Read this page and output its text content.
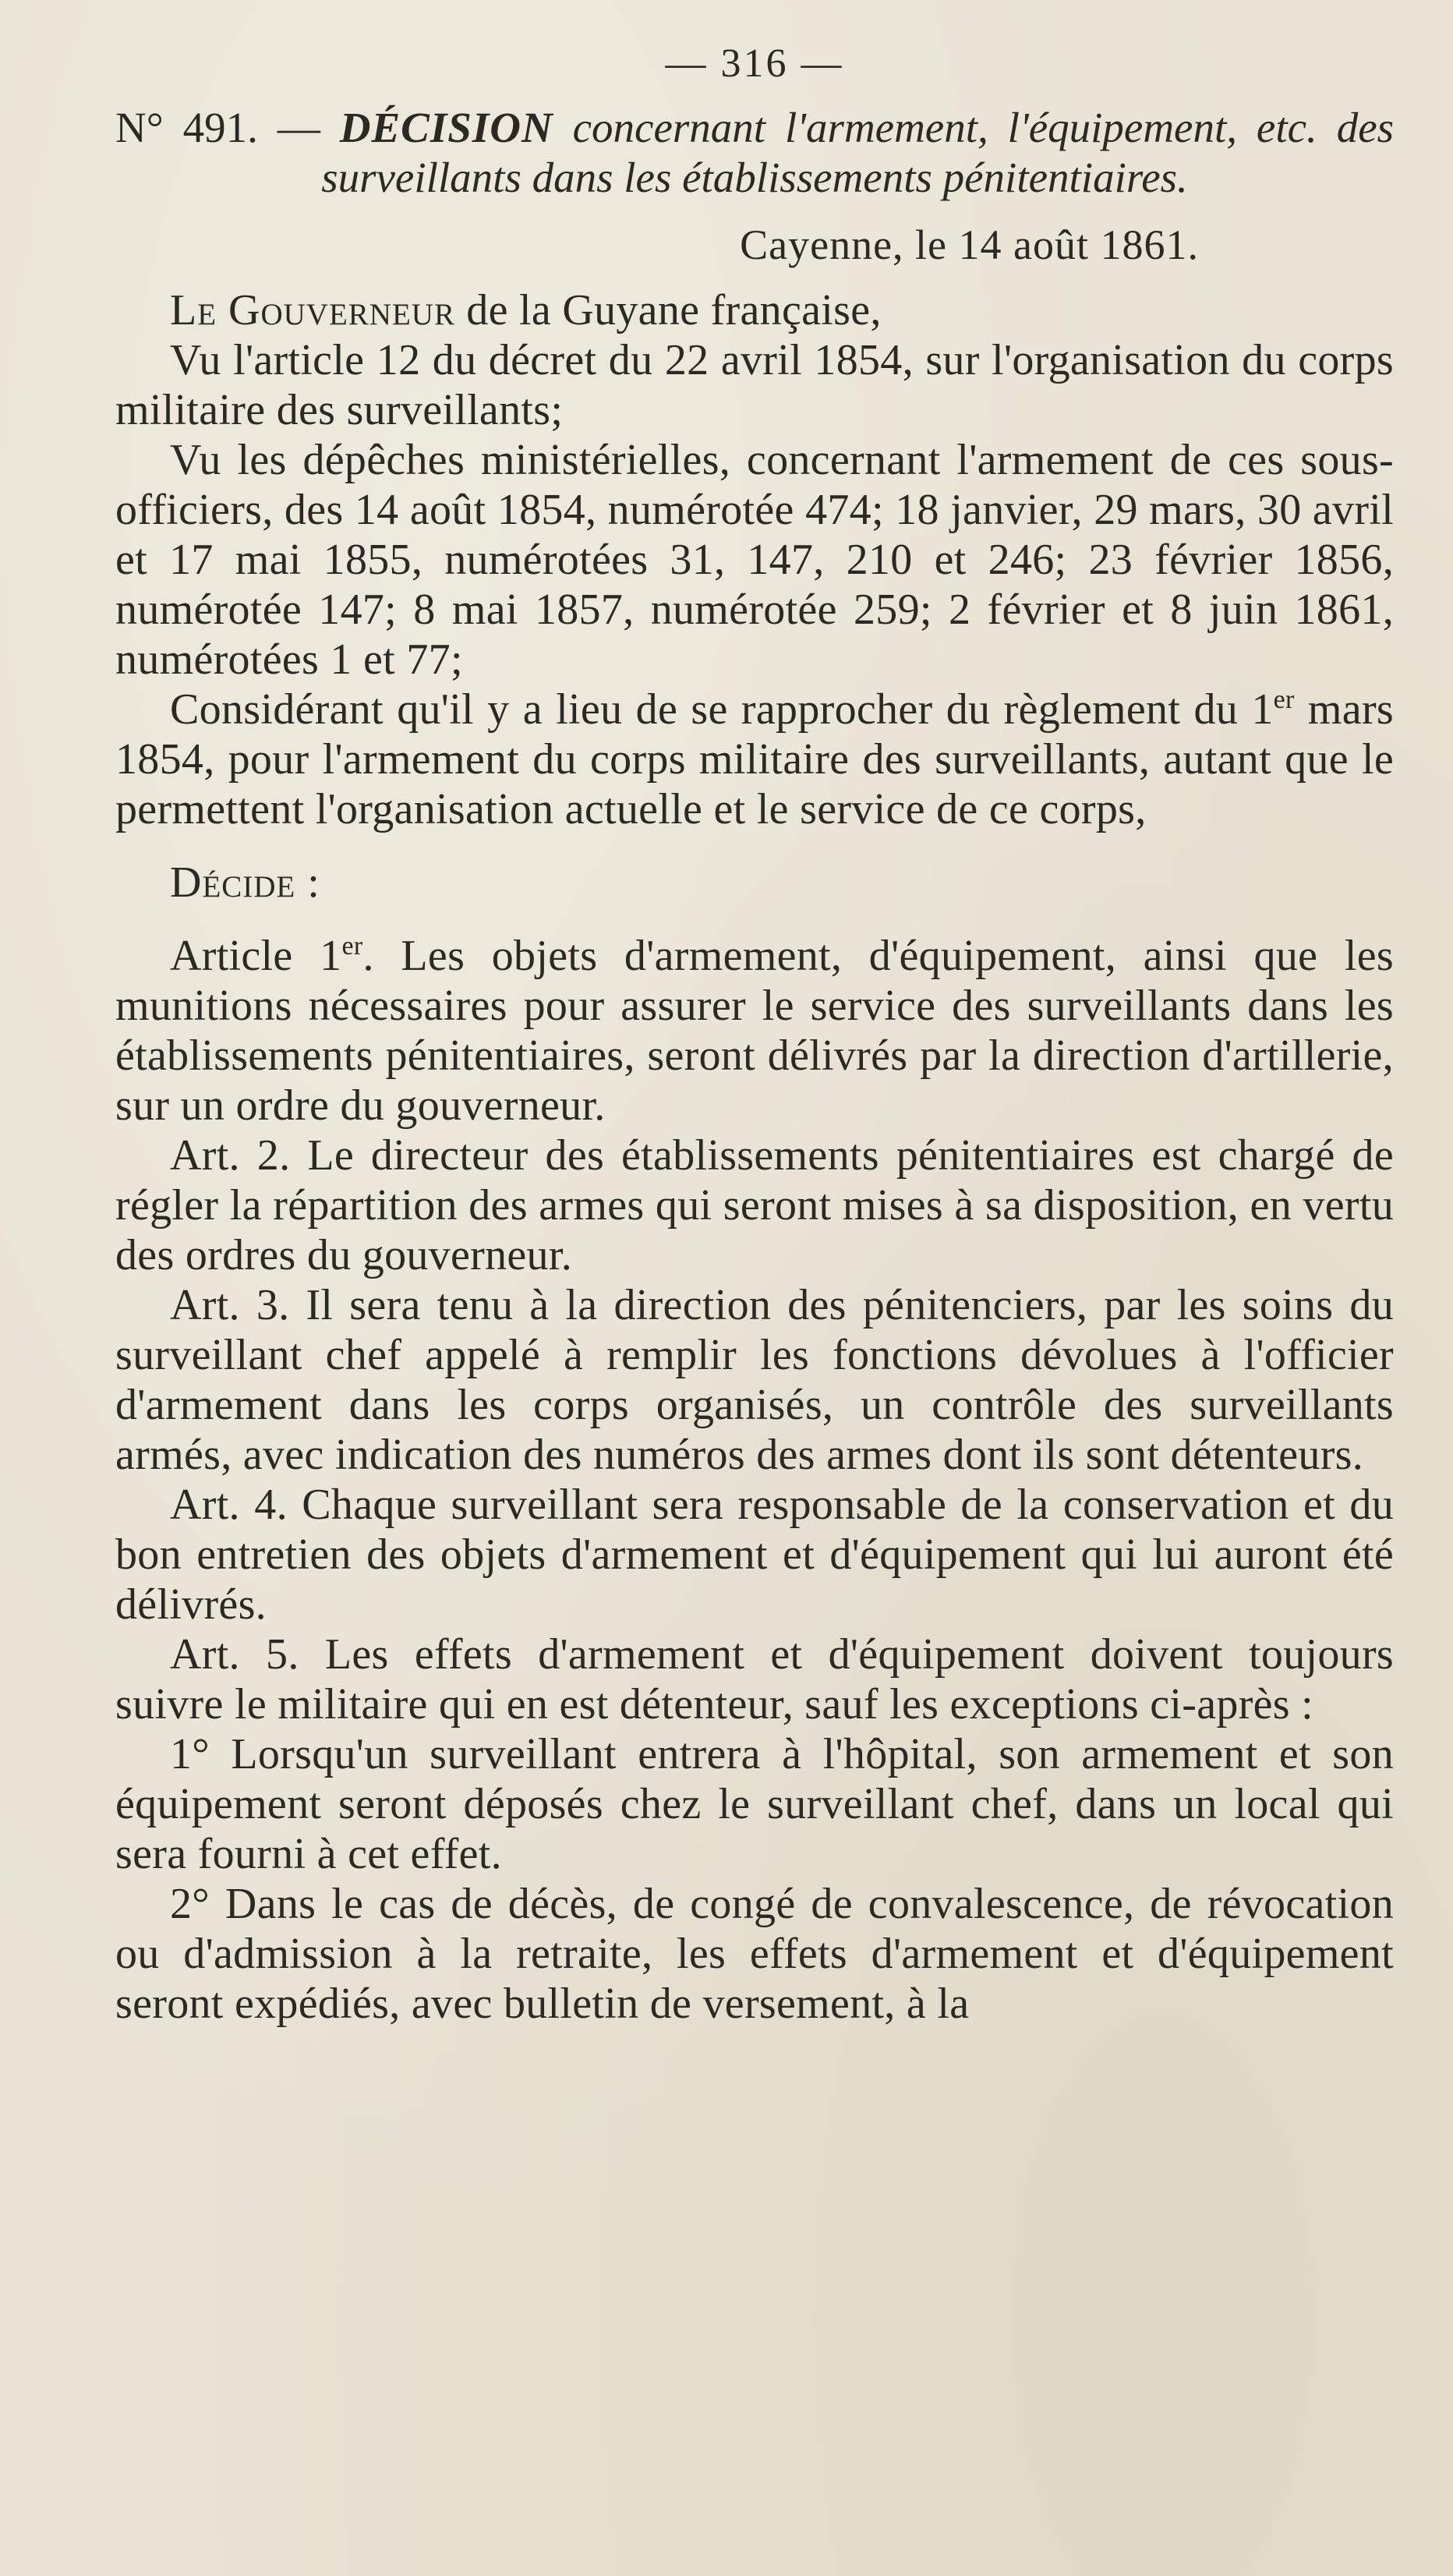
— 316 —
N° 491. — DÉCISION concernant l'armement, l'équipement, etc. des surveillants dans les établissements pénitentiaires.
Cayenne, le 14 août 1861.

Le Gouverneur de la Guyane française,

Vu l'article 12 du décret du 22 avril 1854, sur l'organisation du corps militaire des surveillants;

Vu les dépêches ministérielles, concernant l'armement de ces sous-officiers, des 14 août 1854, numérotée 474; 18 janvier, 29 mars, 30 avril et 17 mai 1855, numérotées 31, 147, 210 et 246; 23 février 1856, numérotée 147; 8 mai 1857, numérotée 259; 2 février et 8 juin 1861, numérotées 1 et 77;

Considérant qu'il y a lieu de se rapprocher du règlement du 1er mars 1854, pour l'armement du corps militaire des surveillants, autant que le permettent l'organisation actuelle et le service de ce corps,

Décide :

Article 1er. Les objets d'armement, d'équipement, ainsi que les munitions nécessaires pour assurer le service des surveillants dans les établissements pénitentiaires, seront délivrés par la direction d'artillerie, sur un ordre du gouverneur.

Art. 2. Le directeur des établissements pénitentiaires est chargé de régler la répartition des armes qui seront mises à sa disposition, en vertu des ordres du gouverneur.

Art. 3. Il sera tenu à la direction des pénitenciers, par les soins du surveillant chef appelé à remplir les fonctions dévolues à l'officier d'armement dans les corps organisés, un contrôle des surveillants armés, avec indication des numéros des armes dont ils sont détenteurs.

Art. 4. Chaque surveillant sera responsable de la conservation et du bon entretien des objets d'armement et d'équipement qui lui auront été délivrés.

Art. 5. Les effets d'armement et d'équipement doivent toujours suivre le militaire qui en est détenteur, sauf les exceptions ci-après :

1° Lorsqu'un surveillant entrera à l'hôpital, son armement et son équipement seront déposés chez le surveillant chef, dans un local qui sera fourni à cet effet.

2° Dans le cas de décès, de congé de convalescence, de révocation ou d'admission à la retraite, les effets d'armement et d'équipement seront expédiés, avec bulletin de versement, à la
